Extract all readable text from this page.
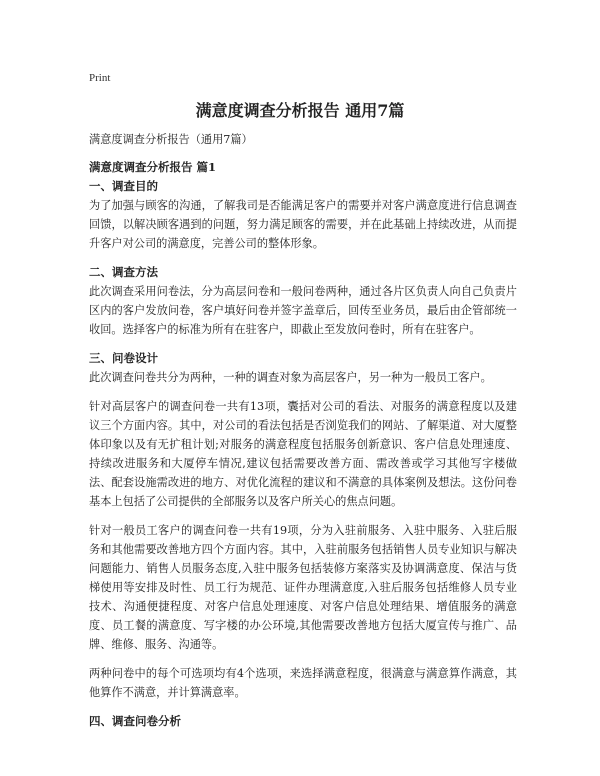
Print
满意度调查分析报告 通用7篇

满意度调查分析报告（通用7篇）

满意度调查分析报告 篇1

一、调查目的

为了加强与顾客的沟通，了解我司是否能满足客户的需要并对客户满意度进行信息调查回馈，以解决顾客遇到的问题，努力满足顾客的需要，并在此基础上持续改进，从而提升客户对公司的满意度，完善公司的整体形象。

二、调查方法

此次调查采用问卷法，分为高层问卷和一般问卷两种，通过各片区负责人向自己负责片区内的客户发放问卷，客户填好问卷并签字盖章后，回传至业务员，最后由企管部统一收回。选择客户的标准为所有在驻客户，即截止至发放问卷时，所有在驻客户。

三、问卷设计

此次调查问卷共分为两种，一种的调查对象为高层客户，另一种为一般员工客户。

针对高层客户的调查问卷一共有13项，囊括对公司的看法、对服务的满意程度以及建议三个方面内容。其中，对公司的看法包括是否浏览我们的网站、了解渠道、对大厦整体印象以及有无扩租计划;对服务的满意程度包括服务创新意识、客户信息处理速度、持续改进服务和大厦停车情况,建议包括需要改善方面、需改善或学习其他写字楼做法、配套设施需改进的地方、对优化流程的建议和不满意的具体案例及想法。这份问卷基本上包括了公司提供的全部服务以及客户所关心的焦点问题。

针对一般员工客户的调查问卷一共有19项，分为入驻前服务、入驻中服务、入驻后服务和其他需要改善地方四个方面内容。其中，入驻前服务包括销售人员专业知识与解决问题能力、销售人员服务态度,入驻中服务包括装修方案落实及协调满意度、保洁与货梯使用等安排及时性、员工行为规范、证件办理满意度,入驻后服务包括维修人员专业技术、沟通便捷程度、对客户信息处理速度、对客户信息处理结果、增值服务的满意度、员工餐的满意度、写字楼的办公环境,其他需要改善地方包括大厦宣传与推广、品牌、维修、服务、沟通等。

两种问卷中的每个可选项均有4个选项，来选择满意程度，很满意与满意算作满意，其他算作不满意，并计算满意率。

四、调查问卷分析
